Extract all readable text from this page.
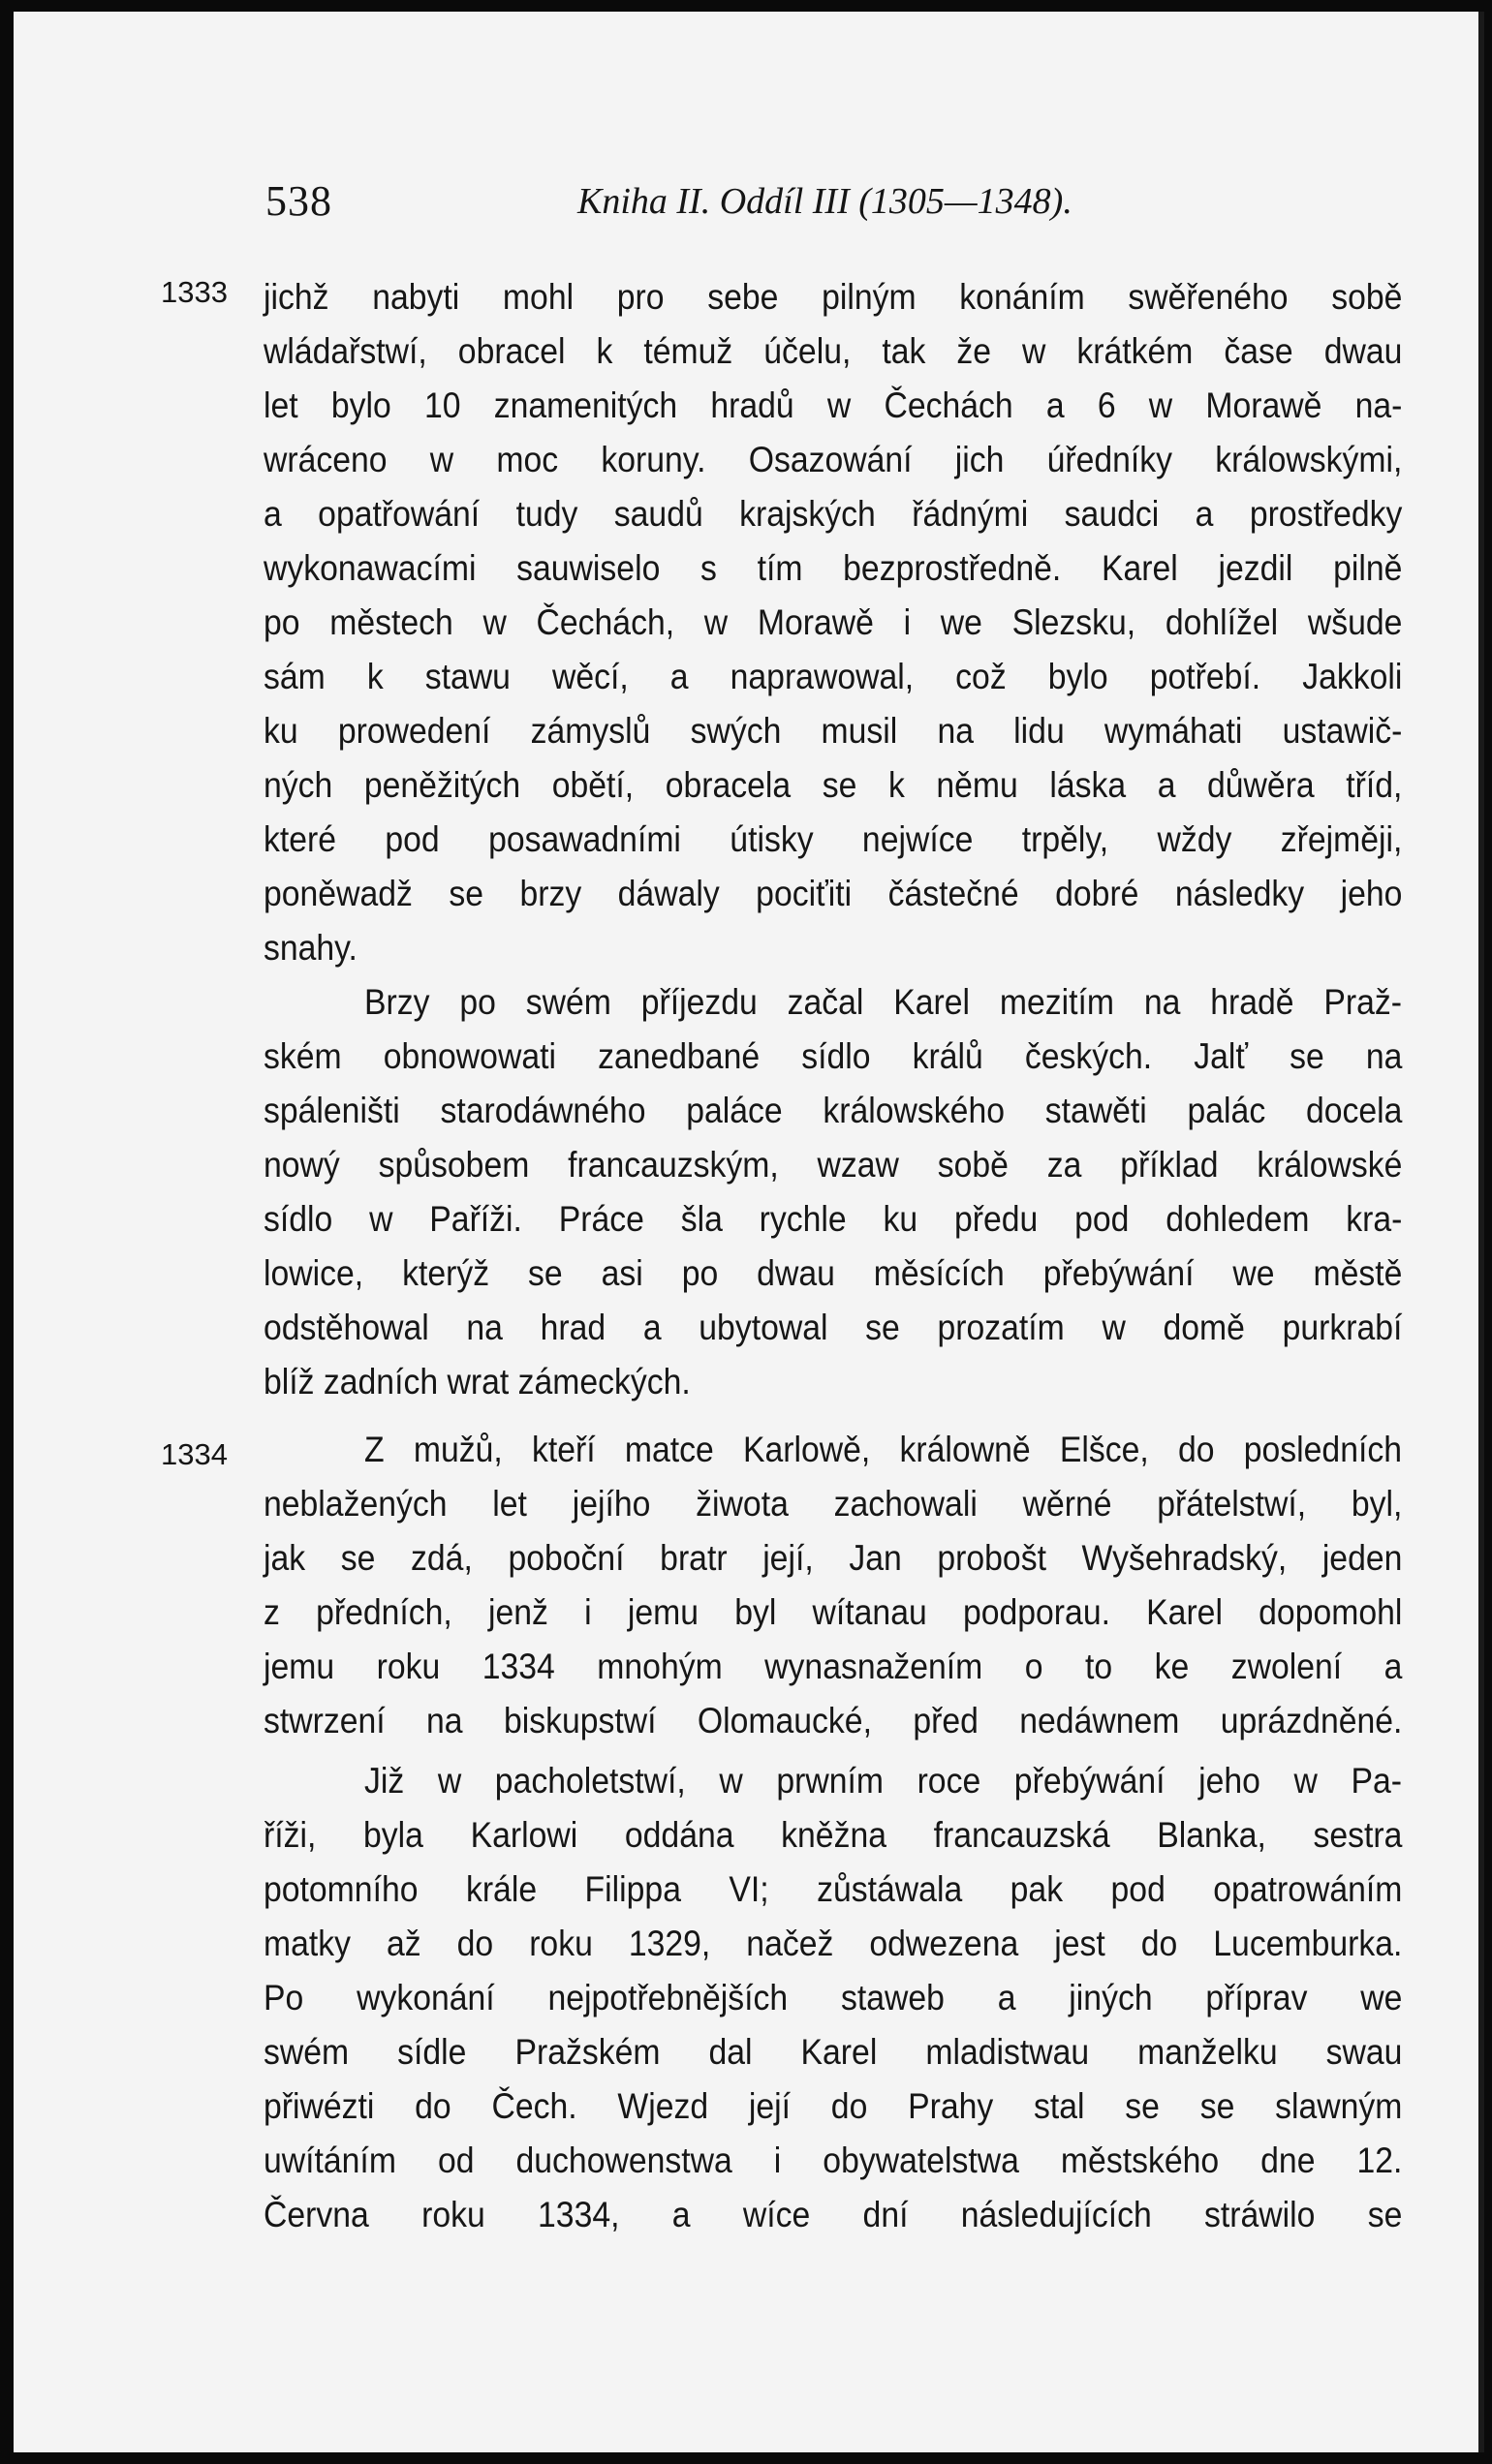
538	Kniha II. Oddíl III (1305—1348).
1333
1334
jichž nabyti mohl pro sebe pilným konáním swěřeného sobě
wládařstwí, obracel k témuž účelu, tak že w krátkém čase dwau
let bylo 10 znamenitých hradů w Čechách a 6 w Morawě na-
wráceno w moc koruny. Osazowání jich úředníky králowskými,
a opatřowání tudy saudů krajských řádnými saudci a prostředky
wykonawacími sauwiselo s tím bezprostředně. Karel jezdil pilně
po městech w Čechách, w Morawě i we Slezsku, dohlížel wšude
sám k stawu wěcí, a naprawowal, což bylo potřebí. Jakkoli
ku prowedení zámyslů swých musil na lidu wymáhati ustawič-
ných peněžitých obětí, obracela se k němu láska a důwěra tříd,
které pod posawadními útisky nejwíce trpěly, wždy zřejměji,
poněwadž se brzy dáwaly pociťiti částečné dobré následky jeho
snahy.
Brzy po swém příjezdu začal Karel mezitím na hradě Praž-
ském obnowowati zanedbané sídlo králů českých. Jalť se na
spáleništi starodáwného paláce králowského stawěti palác docela
nowý spůsobem francauzským, wzaw sobě za příklad králowské
sídlo w Paříži. Práce šla rychle ku předu pod dohledem kra-
lowice, kterýž se asi po dwau měsících přebýwání we městě
odstěhowal na hrad a ubytowal se prozatím w domě purkrabí
blíž zadních wrat zámeckých.
Z mužů, kteří matce Karlowě, králowně Elšce, do posledních
neblažených let jejího žiwota zachowali wěrné přátelstwí, byl,
jak se zdá, poboční bratr její, Jan probošt Wyšehradský, jeden
z předních, jenž i jemu byl wítanau podporau. Karel dopomohl
jemu roku 1334 mnohým wynasnažením o to ke zwolení a
stwrzení na biskupstwí Olomaucké, před nedáwnem uprázdněné.
Již w pacholetstwí, w prwním roce přebýwání jeho w Pa-
říži, byla Karlowi oddána kněžna francauzská Blanka, sestra
potomního krále Filippa VI; zůstáwala pak pod opatrowáním
matky až do roku 1329, načež odwezena jest do Lucemburka.
Po wykonání nejpotřebnějších staweb a jiných příprav we
swém sídle Pražském dal Karel mladistwau manželku swau
přiwézti do Čech. Wjezd její do Prahy stal se se slawným
uwítáním od duchowenstwa i obywatelstwa městského dne 12.
Června roku 1334, a wíce dní následujících stráwilo se
